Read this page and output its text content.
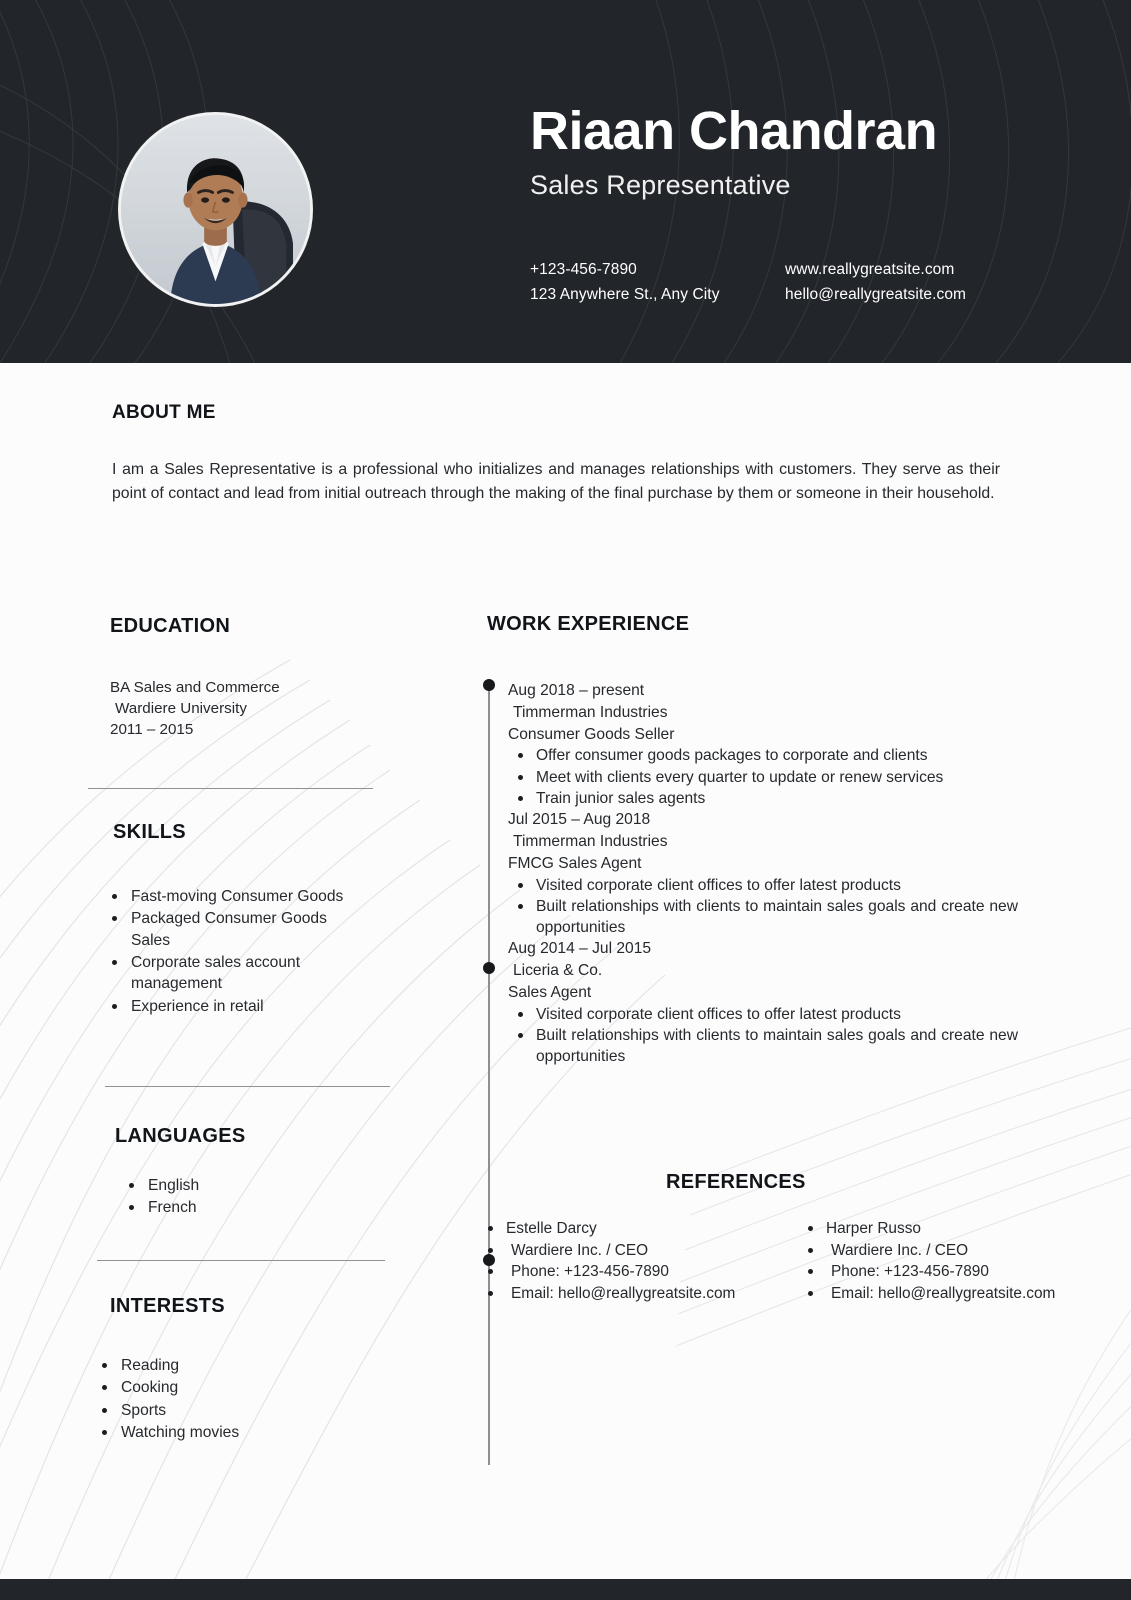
Riaan Chandran
Sales Representative
+123-456-7890	www.reallygreatsite.com
123 Anywhere St., Any City	hello@reallygreatsite.com
ABOUT ME
I am a Sales Representative is a professional who initializes and manages relationships with customers. They serve as their point of contact and lead from initial outreach through the making of the final purchase by them or someone in their household.
EDUCATION
BA Sales and Commerce
Wardiere University
2011 – 2015
SKILLS
Fast-moving Consumer Goods
Packaged Consumer Goods Sales
Corporate sales account management
Experience in retail
LANGUAGES
English
French
INTERESTS
Reading
Cooking
Sports
Watching movies
WORK EXPERIENCE
Aug 2018 – present
Timmerman Industries
Consumer Goods Seller
Offer consumer goods packages to corporate and clients
Meet with clients every quarter to update or renew services
Train junior sales agents
Jul 2015 – Aug 2018
Timmerman Industries
FMCG Sales Agent
Visited corporate client offices to offer latest products
Built relationships with clients to maintain sales goals and create new opportunities
Aug 2014 – Jul 2015
Liceria & Co.
Sales Agent
Visited corporate client offices to offer latest products
Built relationships with clients to maintain sales goals and create new opportunities
REFERENCES
Estelle Darcy
Wardiere Inc. / CEO
Phone: +123-456-7890
Email: hello@reallygreatsite.com
Harper Russo
Wardiere Inc. / CEO
Phone: +123-456-7890
Email: hello@reallygreatsite.com
